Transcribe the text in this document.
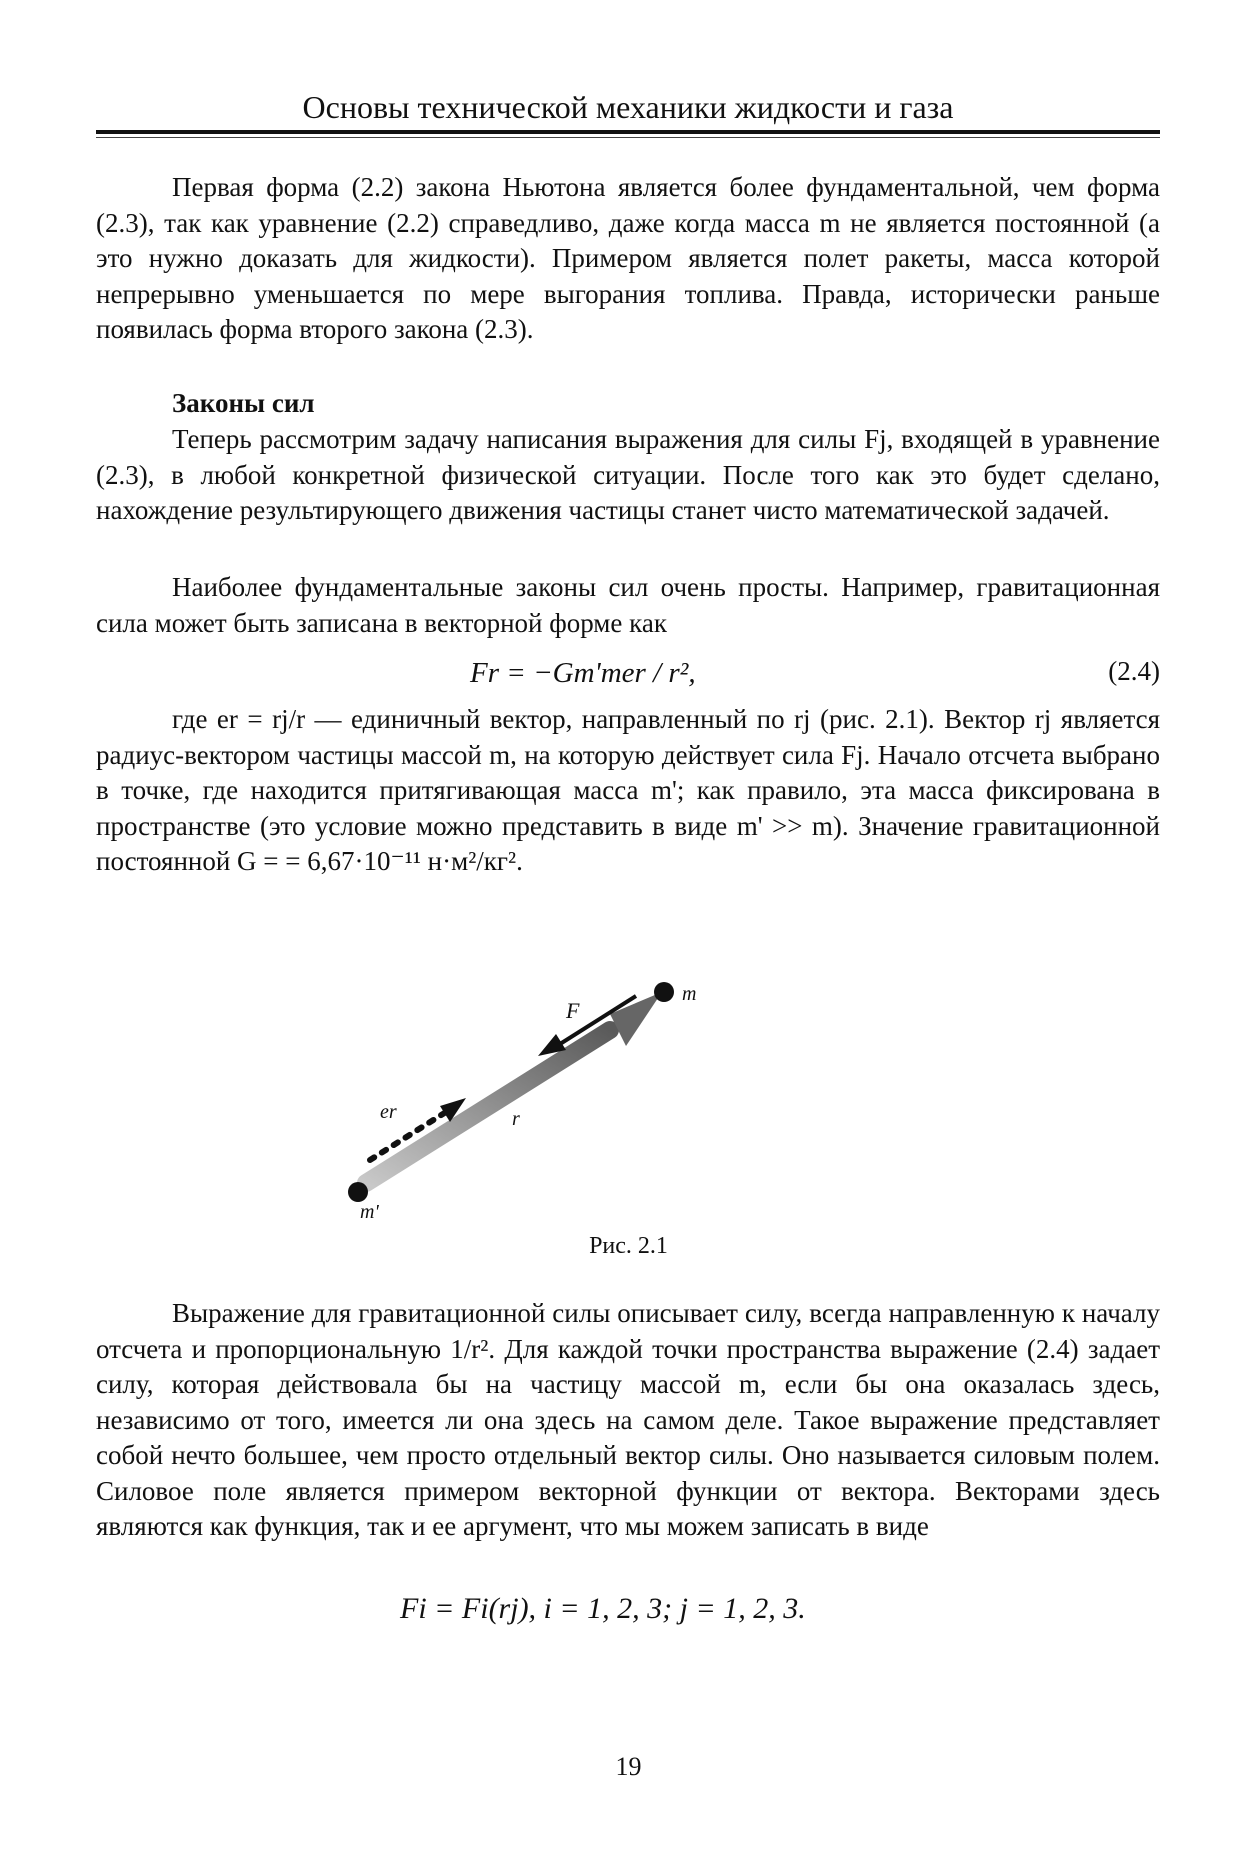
Основы технической механики жидкости и газа

Первая форма (2.2) закона Ньютона является более фундаментальной, чем форма (2.3), так как уравнение (2.2) справедливо, даже когда масса m не является постоянной (а это нужно доказать для жидкости). Примером является полет ракеты, масса которой непрерывно уменьшается по мере выгорания топлива. Правда, исторически раньше появилась форма второго закона (2.3).

Законы сил

Теперь рассмотрим задачу написания выражения для силы Fj, входящей в уравнение (2.3), в любой конкретной физической ситуации. После того как это будет сделано, нахождение результирующего движения частицы станет чисто математической задачей.

Наиболее фундаментальные законы сил очень просты. Например, гравитационная сила может быть записана в векторной форме как

Fr = −Gm'mer / r²,	(2.4)

где er = rj/r — единичный вектор, направленный по rj (рис. 2.1). Вектор rj является радиус-вектором частицы массой m, на которую действует сила Fj. Начало отсчета выбрано в точке, где находится притягивающая масса m'; как правило, эта масса фиксирована в пространстве (это условие можно представить в виде m' >> m). Значение гравитационной постоянной G = = 6,67·10⁻¹¹ н·м²/кг².

F
m
er	r
m'
Рис. 2.1

Выражение для гравитационной силы описывает силу, всегда направленную к началу отсчета и пропорциональную 1/r². Для каждой точки пространства выражение (2.4) задает силу, которая действовала бы на частицу массой m, если бы она оказалась здесь, независимо от того, имеется ли она здесь на самом деле. Такое выражение представляет собой нечто большее, чем просто отдельный вектор силы. Оно называется силовым полем. Силовое поле является примером векторной функции от вектора. Векторами здесь являются как функция, так и ее аргумент, что мы можем записать в виде

Fi = Fi(rj), i = 1, 2, 3; j = 1, 2, 3.
19
